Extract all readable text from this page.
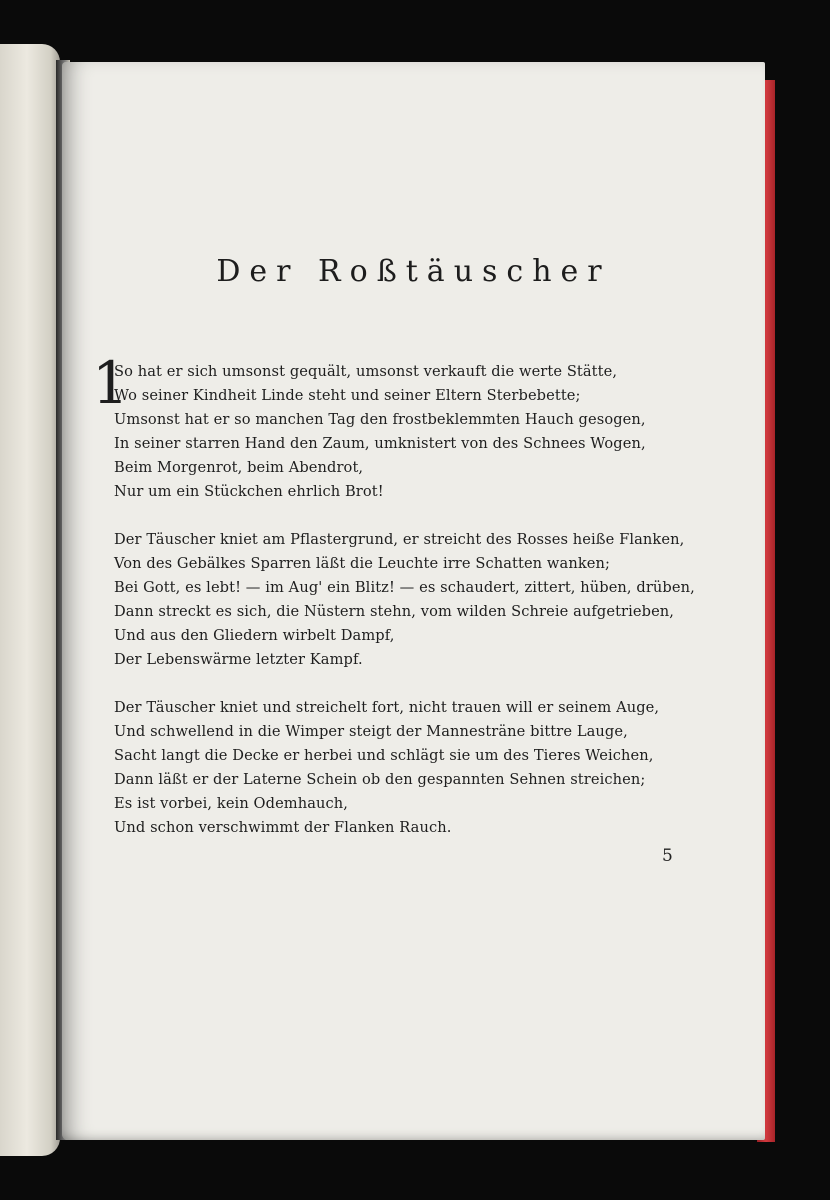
Der Roßtäuscher
1
So hat er sich umsonst gequält, umsonst verkauft die werte Stätte,
Wo seiner Kindheit Linde steht und seiner Eltern Sterbebette;
Umsonst hat er so manchen Tag den frostbeklemmten Hauch gesogen,
In seiner starren Hand den Zaum, umknistert von des Schnees Wogen,
Beim Morgenrot, beim Abendrot,
Nur um ein Stückchen ehrlich Brot!
Der Täuscher kniet am Pflastergrund, er streicht des Rosses heiße Flanken,
Von des Gebälkes Sparren läßt die Leuchte irre Schatten wanken;
Bei Gott, es lebt! — im Aug' ein Blitz! — es schaudert, zittert, hüben, drüben,
Dann streckt es sich, die Nüstern stehn, vom wilden Schreie aufgetrieben,
Und aus den Gliedern wirbelt Dampf,
Der Lebenswärme letzter Kampf.
Der Täuscher kniet und streichelt fort, nicht trauen will er seinem Auge,
Und schwellend in die Wimper steigt der Mannesträne bittre Lauge,
Sacht langt die Decke er herbei und schlägt sie um des Tieres Weichen,
Dann läßt er der Laterne Schein ob den gespannten Sehnen streichen;
Es ist vorbei, kein Odemhauch,
Und schon verschwimmt der Flanken Rauch.
5
